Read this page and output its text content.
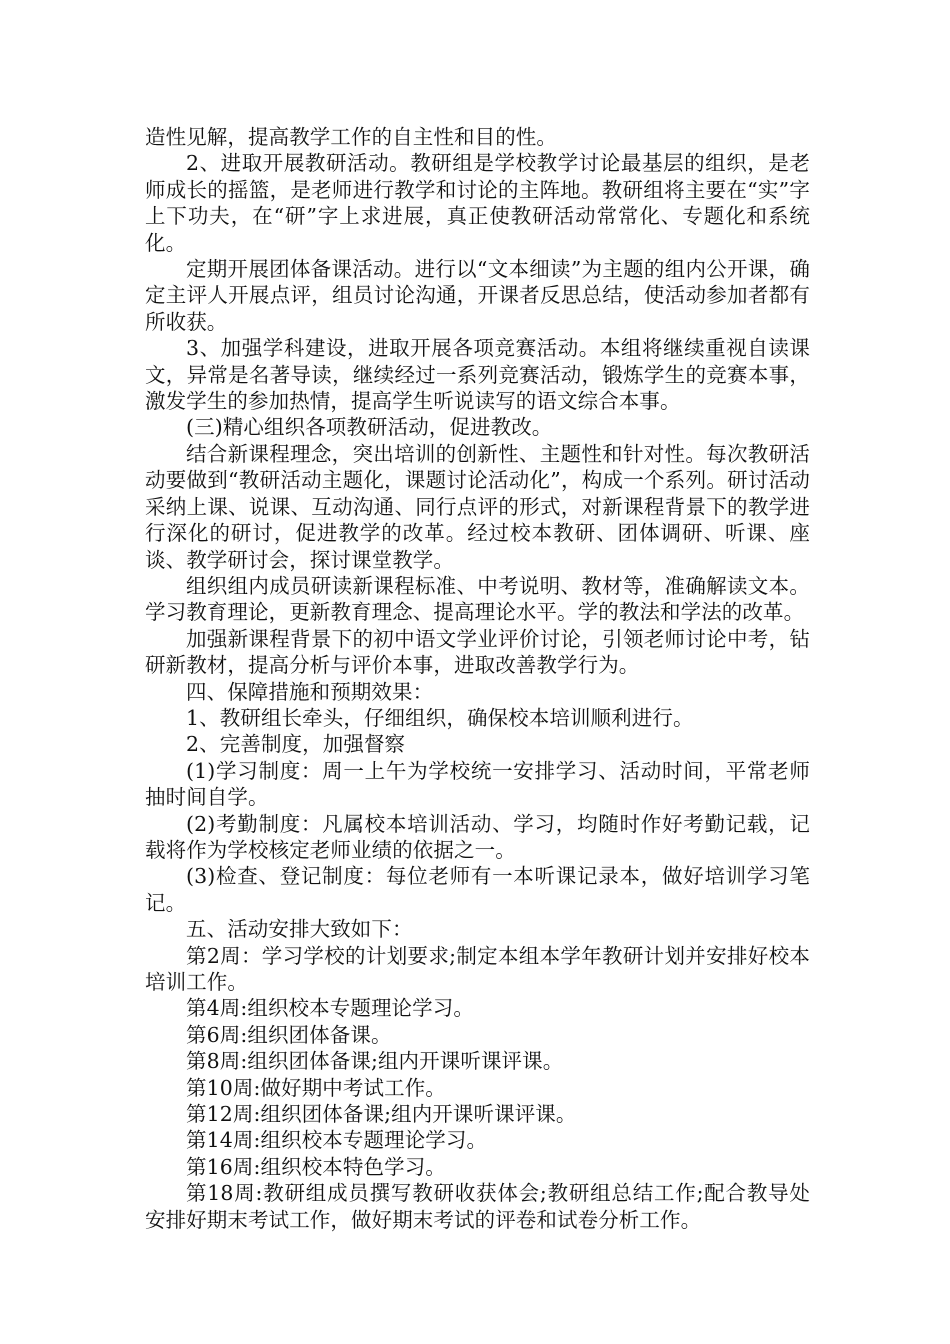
造性见解，提高教学工作的自主性和目的性。

2、进取开展教研活动。教研组是学校教学讨论最基层的组织，是老师成长的摇篮，是老师进行教学和讨论的主阵地。教研组将主要在“实”字上下功夫，在“研”字上求进展，真正使教研活动常常化、专题化和系统化。

定期开展团体备课活动。进行以“文本细读”为主题的组内公开课，确定主评人开展点评，组员讨论沟通，开课者反思总结，使活动参加者都有所收获。

3、加强学科建设，进取开展各项竞赛活动。本组将继续重视自读课文，异常是名著导读，继续经过一系列竞赛活动，锻炼学生的竞赛本事，激发学生的参加热情，提高学生听说读写的语文综合本事。

(三)精心组织各项教研活动，促进教改。

结合新课程理念，突出培训的创新性、主题性和针对性。每次教研活动要做到“教研活动主题化，课题讨论活动化”，构成一个系列。研讨活动采纳上课、说课、互动沟通、同行点评的形式，对新课程背景下的教学进行深化的研讨，促进教学的改革。经过校本教研、团体调研、听课、座谈、教学研讨会，探讨课堂教学。

组织组内成员研读新课程标准、中考说明、教材等，准确解读文本。学习教育理论，更新教育理念、提高理论水平。学的教法和学法的改革。

加强新课程背景下的初中语文学业评价讨论，引领老师讨论中考，钻研新教材，提高分析与评价本事，进取改善教学行为。

四、保障措施和预期效果：

1、教研组长牵头，仔细组织，确保校本培训顺利进行。

2、完善制度，加强督察

(1)学习制度：周一上午为学校统一安排学习、活动时间，平常老师抽时间自学。

(2)考勤制度：凡属校本培训活动、学习，均随时作好考勤记载，记载将作为学校核定老师业绩的依据之一。

(3)检查、登记制度：每位老师有一本听课记录本，做好培训学习笔记。

五、活动安排大致如下：

第2周：学习学校的计划要求;制定本组本学年教研计划并安排好校本培训工作。

第4周:组织校本专题理论学习。

第6周:组织团体备课。

第8周:组织团体备课;组内开课听课评课。

第10周:做好期中考试工作。

第12周:组织团体备课;组内开课听课评课。

第14周:组织校本专题理论学习。

第16周:组织校本特色学习。

第18周:教研组成员撰写教研收获体会;教研组总结工作;配合教导处安排好期末考试工作，做好期末考试的评卷和试卷分析工作。
